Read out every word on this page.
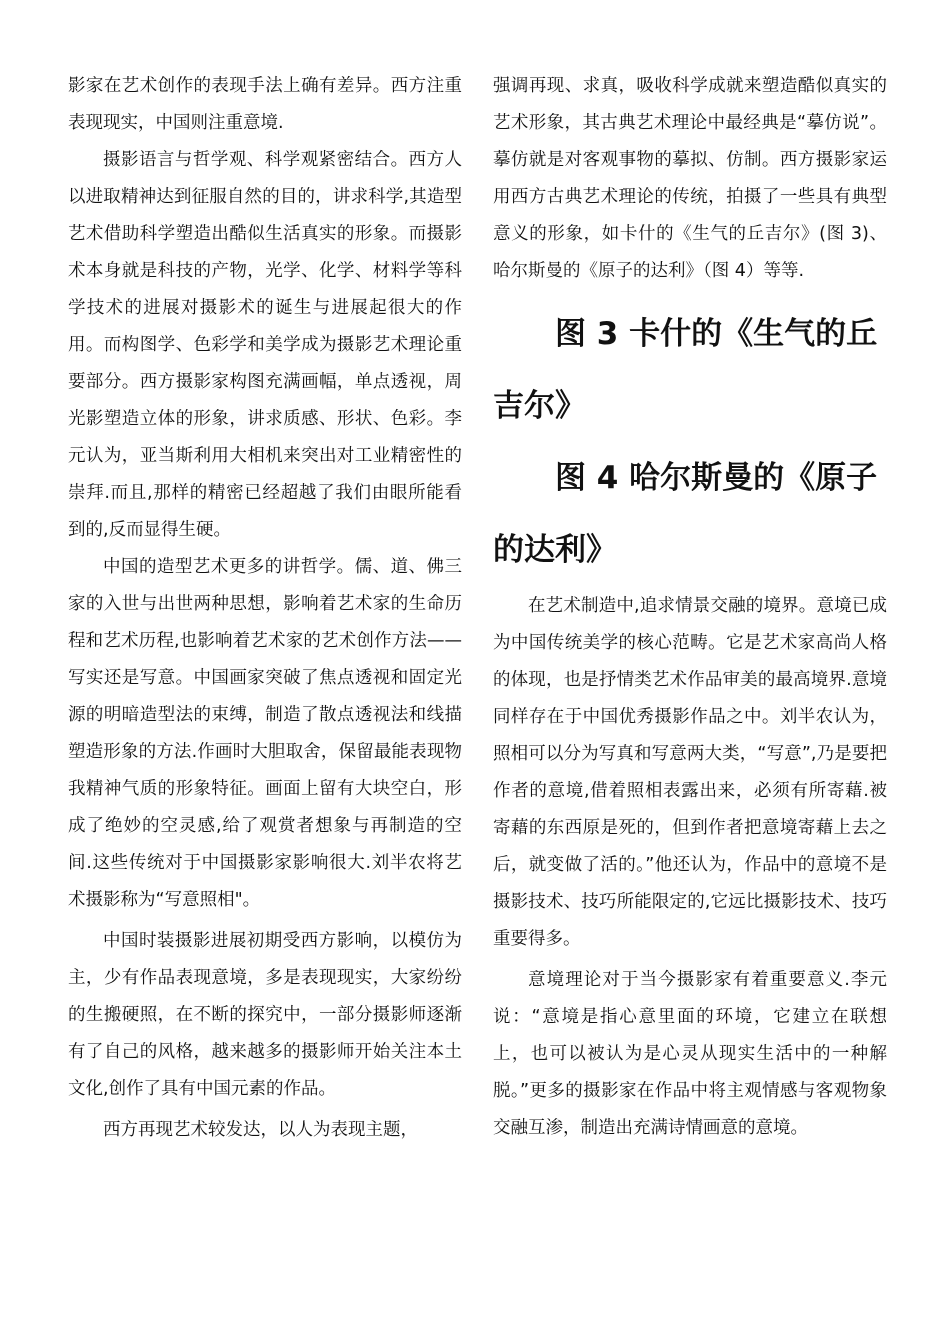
影家在艺术创作的表现手法上确有差异。西方注重表现现实，中国则注重意境.

摄影语言与哲学观、科学观紧密结合。西方人以进取精神达到征服自然的目的，讲求科学,其造型艺术借助科学塑造出酷似生活真实的形象。而摄影术本身就是科技的产物，光学、化学、材料学等科学技术的进展对摄影术的诞生与进展起很大的作用。而构图学、色彩学和美学成为摄影艺术理论重要部分。西方摄影家构图充满画幅，单点透视，周光影塑造立体的形象，讲求质感、形状、色彩。李元认为，亚当斯利用大相机来突出对工业精密性的崇拜.而且,那样的精密已经超越了我们由眼所能看到的,反而显得生硬。

中国的造型艺术更多的讲哲学。儒、道、佛三家的入世与出世两种思想，影响着艺术家的生命历程和艺术历程,也影响着艺术家的艺术创作方法——写实还是写意。中国画家突破了焦点透视和固定光源的明暗造型法的束缚，制造了散点透视法和线描塑造形象的方法.作画时大胆取舍，保留最能表现物我精神气质的形象特征。画面上留有大块空白，形成了绝妙的空灵感,给了观赏者想象与再制造的空间.这些传统对于中国摄影家影响很大.刘半农将艺术摄影称为“写意照相"。

中国时装摄影进展初期受西方影响，以模仿为主，少有作品表现意境，多是表现现实，大家纷纷的生搬硬照，在不断的探究中，一部分摄影师逐渐有了自己的风格，越来越多的摄影师开始关注本土文化,创作了具有中国元素的作品。

西方再现艺术较发达，以人为表现主题，

强调再现、求真，吸收科学成就来塑造酷似真实的艺术形象，其古典艺术理论中最经典是“摹仿说”。摹仿就是对客观事物的摹拟、仿制。西方摄影家运用西方古典艺术理论的传统，拍摄了一些具有典型意义的形象，如卡什的《生气的丘吉尔》(图 3)、哈尔斯曼的《原子的达利》（图 4）等等.

图 3 卡什的《生气的丘吉尔》

图 4 哈尔斯曼的《原子的达利》

在艺术制造中,追求情景交融的境界。意境已成为中国传统美学的核心范畴。它是艺术家高尚人格的体现，也是抒情类艺术作品审美的最高境界.意境同样存在于中国优秀摄影作品之中。刘半农认为，照相可以分为写真和写意两大类，“写意”,乃是要把作者的意境,借着照相表露出来，必须有所寄藉.被寄藉的东西原是死的，但到作者把意境寄藉上去之后，就变做了活的。”他还认为，作品中的意境不是摄影技术、技巧所能限定的,它远比摄影技术、技巧重要得多。

意境理论对于当今摄影家有着重要意义.李元说：“意境是指心意里面的环境，它建立在联想上，也可以被认为是心灵从现实生活中的一种解脱。”更多的摄影家在作品中将主观情感与客观物象交融互渗，制造出充满诗情画意的意境。
